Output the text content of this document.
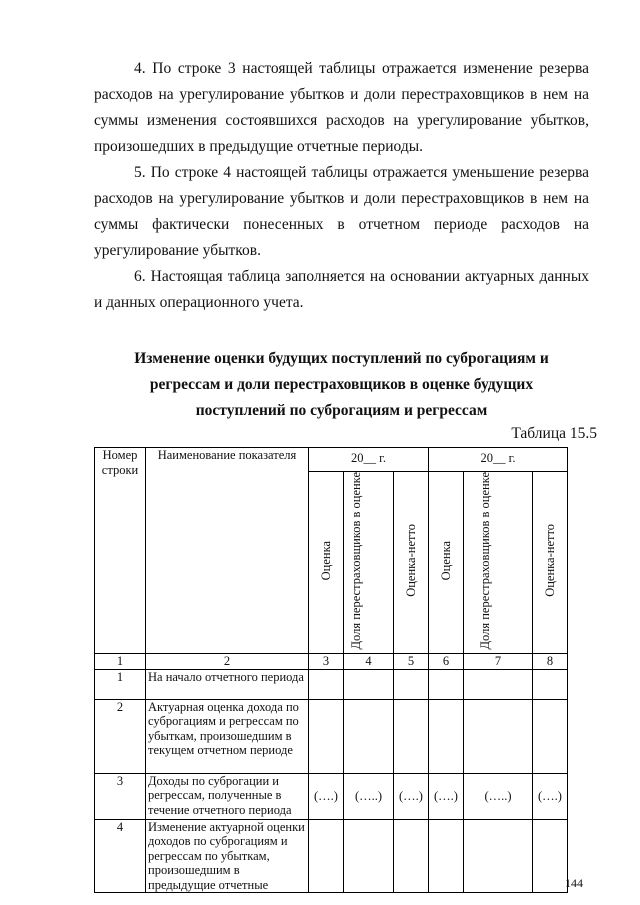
4. По строке 3 настоящей таблицы отражается изменение резерва расходов на урегулирование убытков и доли перестраховщиков в нем на суммы изменения состоявшихся расходов на урегулирование убытков, произошедших в предыдущие отчетные периоды.

5. По строке 4 настоящей таблицы отражается уменьшение резерва расходов на урегулирование убытков и доли перестраховщиков в нем на суммы фактически понесенных в отчетном периоде расходов на урегулирование убытков.

6. Настоящая таблица заполняется на основании актуарных данных и данных операционного учета.

Изменение оценки будущих поступлений по суброгациям и регрессам и доли перестраховщиков в оценке будущих поступлений по суброгациям и регрессам

Таблица 15.5
Номер строки	Наименование показателя	20__ г.			20__ г.		
		Оценка	Доля перестраховщиков в оценке	Оценка-нетто	Оценка	Доля перестраховщиков в оценке	Оценка-нетто
1	2	3	4	5	6	7	8
1	На начало отчетного периода						
2	Актуарная оценка дохода по суброгациям и регрессам по убыткам, произошедшим в текущем отчетном периоде						
3	Доходы по суброгации и регрессам, полученные в течение отчетного периода	(….)	(…..)	(….)	(….)	(…..)	(….)
4	Изменение актуарной оценки доходов по суброгациям и регрессам по убыткам, произошедшим в предыдущие отчетные							144
